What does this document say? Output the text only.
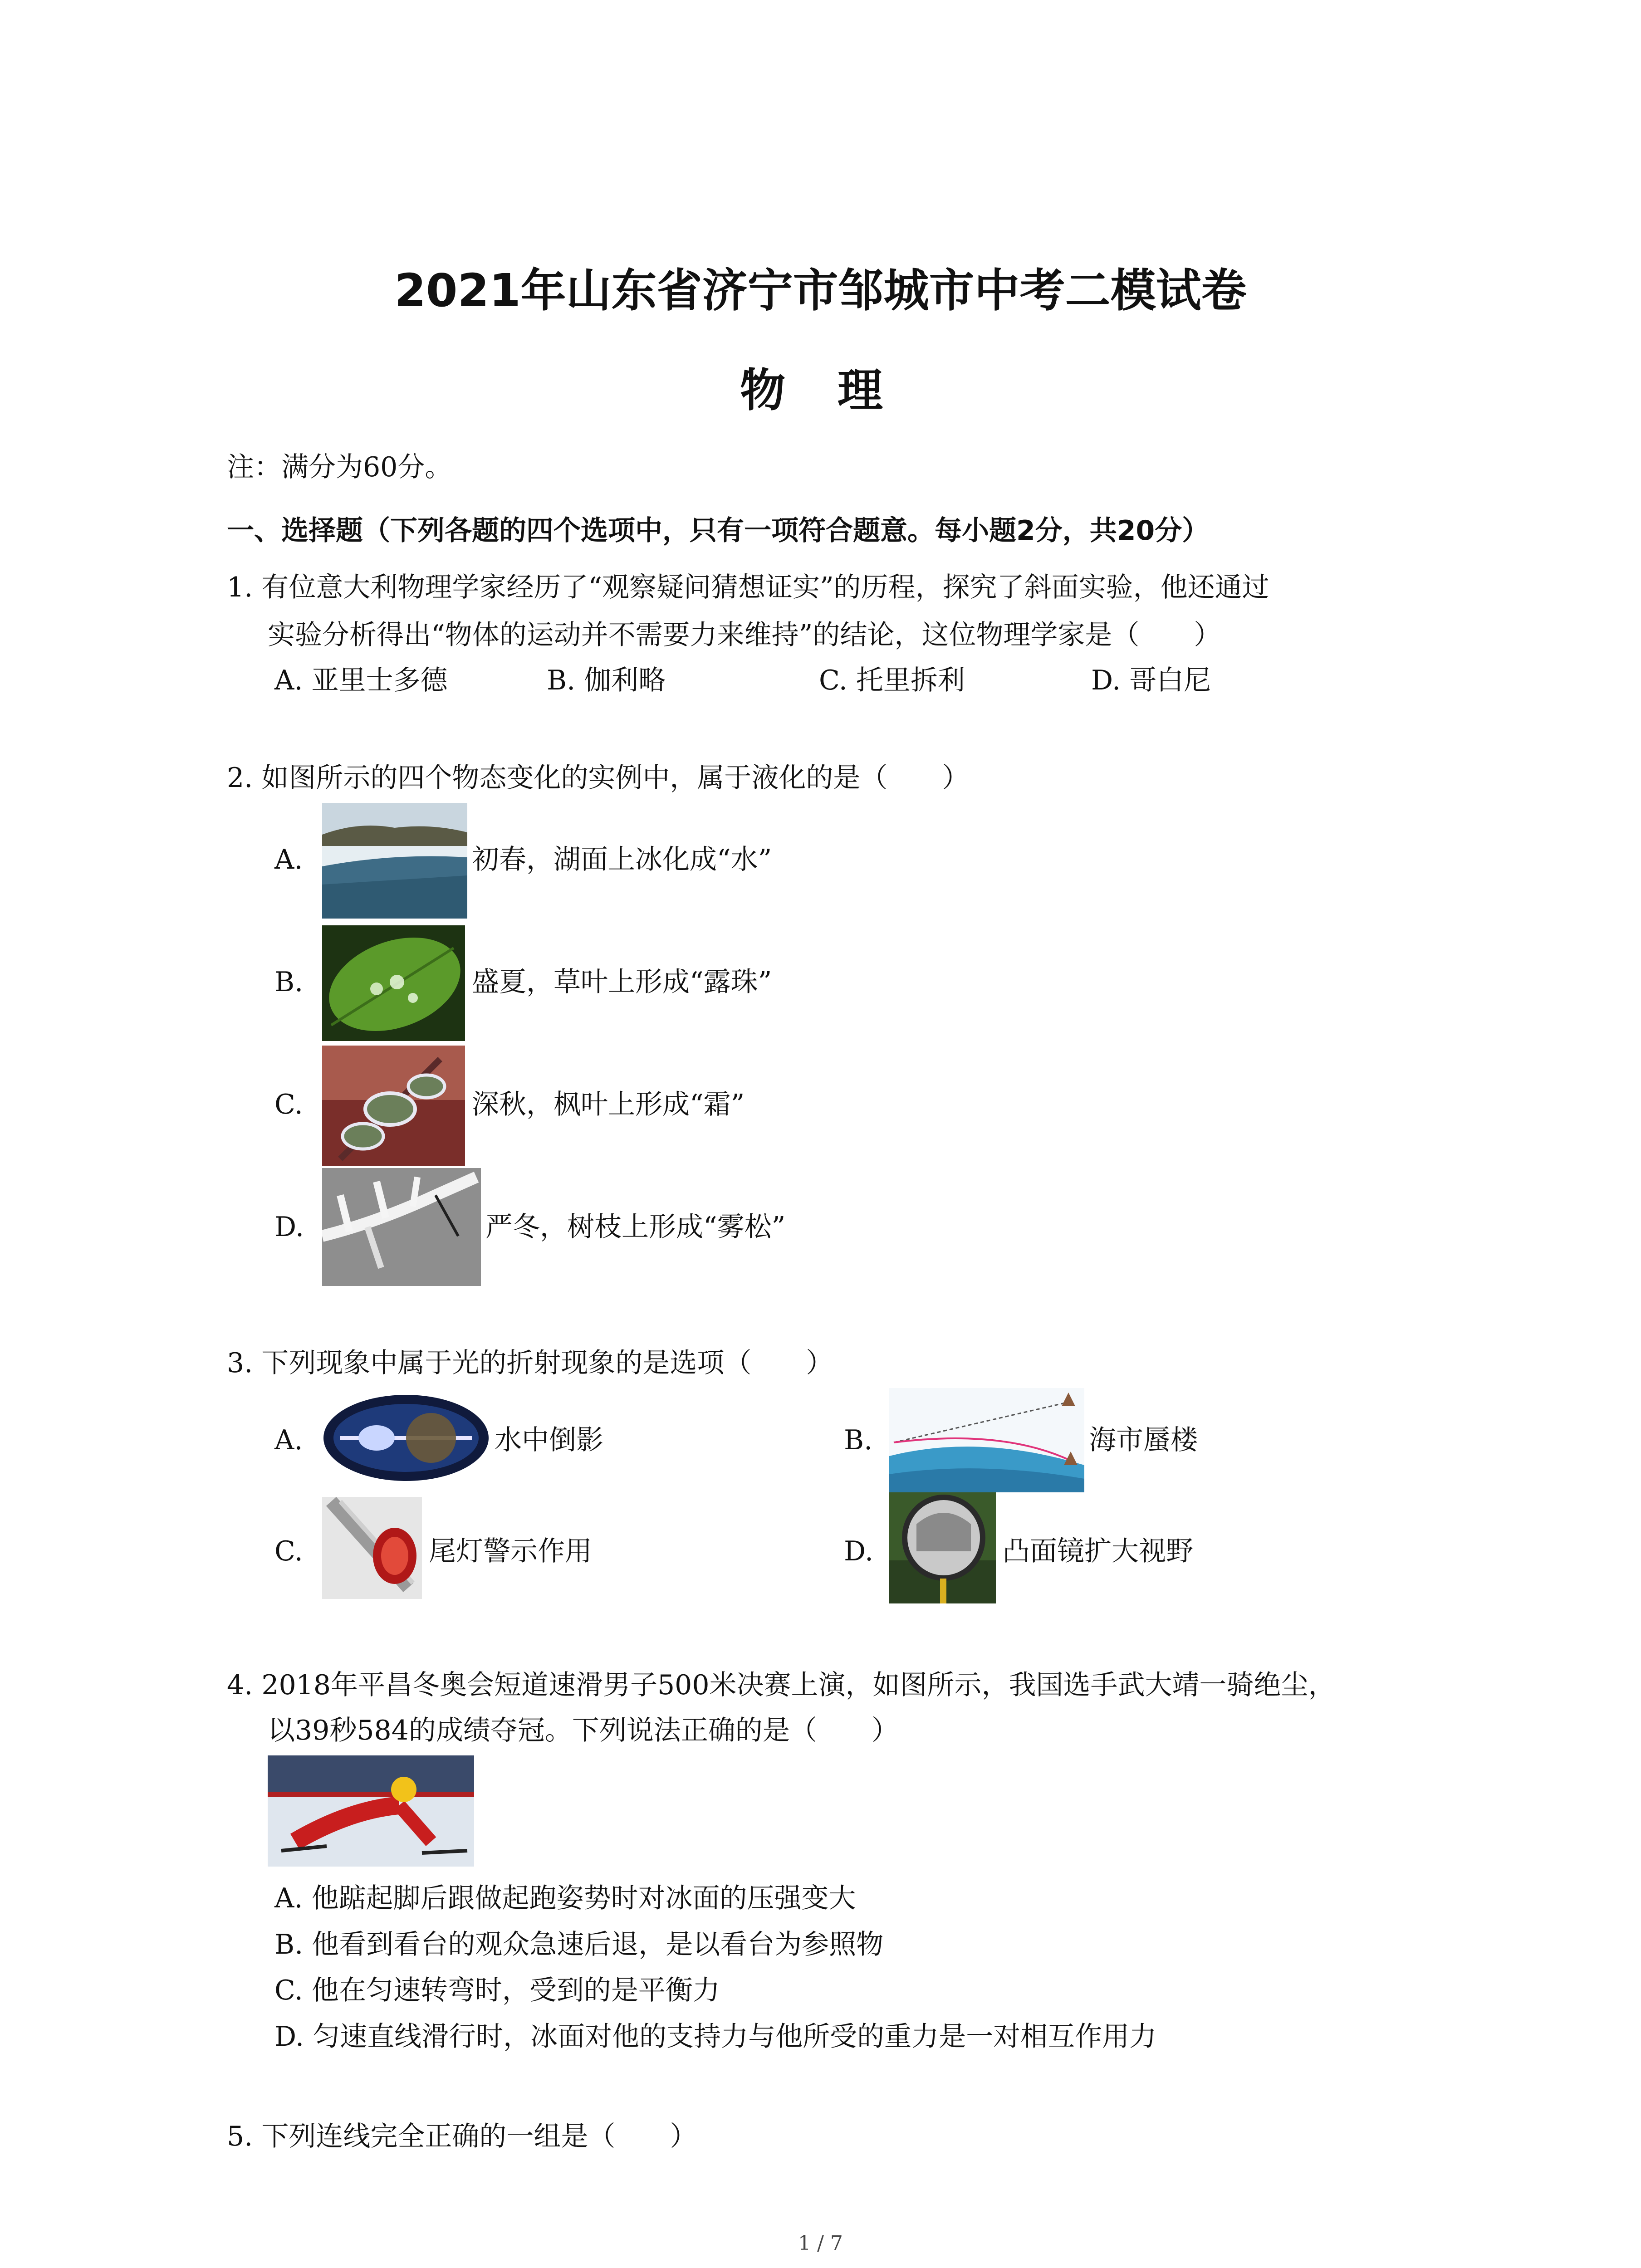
2021年山东省济宁市邹城市中考二模试卷
物 理
注：满分为60分。
一、选择题（下列各题的四个选项中，只有一项符合题意。每小题2分，共20分）
1. 有位意大利物理学家经历了“观察疑问猜想证实”的历程，探究了斜面实验，他还通过
实验分析得出“物体的运动并不需要力来维持”的结论，这位物理学家是（　　）
A. 亚里士多德	B. 伽利略	C. 托里拆利	D. 哥白尼
2. 如图所示的四个物态变化的实例中，属于液化的是（　　）
A.	初春，湖面上冰化成“水”
B.	盛夏，草叶上形成“露珠”
C.	深秋，枫叶上形成“霜”
D.	严冬，树枝上形成“雾松”
3. 下列现象中属于光的折射现象的是选项（　　）
A.	水中倒影	B.	海市蜃楼
C.	尾灯警示作用	D.	凸面镜扩大视野
4. 2018年平昌冬奥会短道速滑男子500米决赛上演，如图所示，我国选手武大靖一骑绝尘，
以39秒584的成绩夺冠。下列说法正确的是（　　）
A. 他踮起脚后跟做起跑姿势时对冰面的压强变大
B. 他看到看台的观众急速后退，是以看台为参照物
C. 他在匀速转弯时，受到的是平衡力
D. 匀速直线滑行时，冰面对他的支持力与他所受的重力是一对相互作用力
5. 下列连线完全正确的一组是（　　）
1 / 7
